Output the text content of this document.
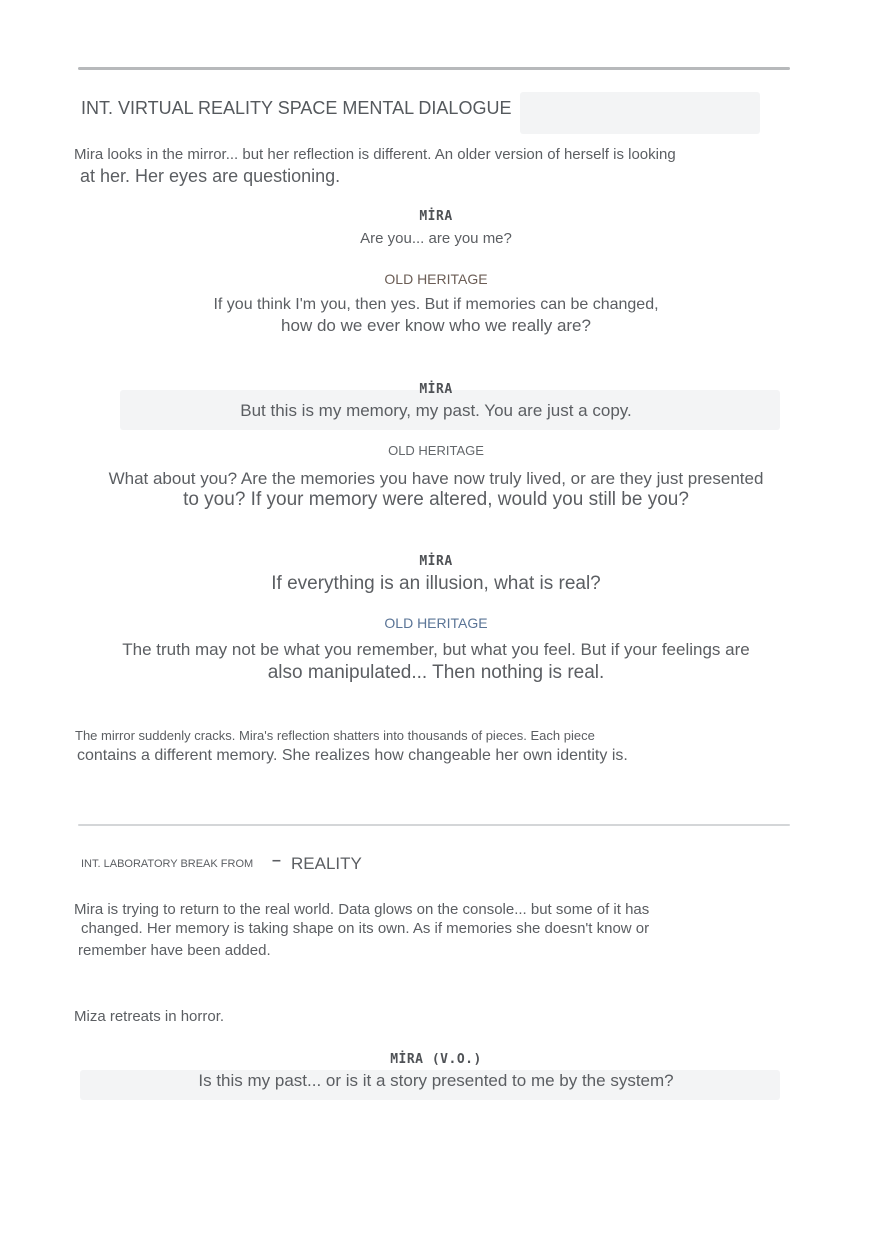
INT. VIRTUAL REALITY SPACE MENTAL DIALOGUE
Mira looks in the mirror... but her reflection is different. An older version of herself is looking
at her. Her eyes are questioning.
MİRA
Are you... are you me?
OLD HERITAGE
If you think I'm you, then yes. But if memories can be changed,
how do we ever know who we really are?
MİRA
But this is my memory, my past. You are just a copy.
OLD HERITAGE
What about you? Are the memories you have now truly lived, or are they just presented
to you? If your memory were altered, would you still be you?
MİRA
If everything is an illusion, what is real?
OLD HERITAGE
The truth may not be what you remember, but what you feel. But if your feelings are
also manipulated... Then nothing is real.
The mirror suddenly cracks. Mira's reflection shatters into thousands of pieces. Each piece
contains a different memory. She realizes how changeable her own identity is.
INT. LABORATORY BREAK FROM – REALITY
Mira is trying to return to the real world. Data glows on the console... but some of it has
changed. Her memory is taking shape on its own. As if memories she doesn't know or
remember have been added.
Miza retreats in horror.
MİRA (V.O.)
Is this my past... or is it a story presented to me by the system?
